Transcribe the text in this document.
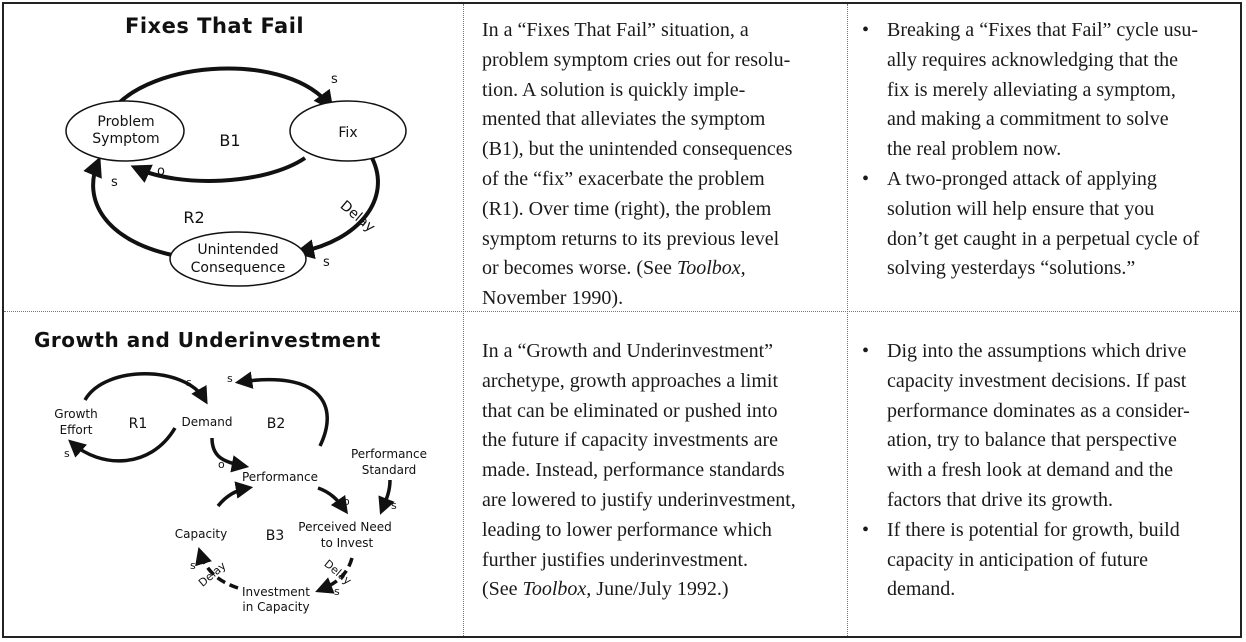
Fixes That Fail
Problem
Symptom	Fix
Unintended
Consequence
B1
R2	Delay
s
o
s
s
In a “Fixes That Fail” situation, a
problem symptom cries out for resolu-
tion. A solution is quickly imple-
mented that alleviates the symptom
(B1), but the unintended consequences
of the “fix” exacerbate the problem
(R1). Over time (right), the problem
symptom returns to its previous level
or becomes worse. (See Toolbox,
November 1990).
• Breaking a “Fixes that Fail” cycle usu-
ally requires acknowledging that the
fix is merely alleviating a symptom,
and making a commitment to solve
the real problem now.
• A two-pronged attack of applying
solution will help ensure that you
don’t get caught in a perpetual cycle of
solving yesterdays “solutions.”
Growth and Underinvestment
Growth
Effort
Demand
Performance
Performance
Standard
Capacity	Perceived Need
to Invest
Investment
in Capacity
R1	B2
B3
Delay	Delay
s	s
s
o
o	s
s
s
In a “Growth and Underinvestment”
archetype, growth approaches a limit
that can be eliminated or pushed into
the future if capacity investments are
made. Instead, performance standards
are lowered to justify underinvestment,
leading to lower performance which
further justifies underinvestment.
(See Toolbox, June/July 1992.)
• Dig into the assumptions which drive
capacity investment decisions. If past
performance dominates as a consider-
ation, try to balance that perspective
with a fresh look at demand and the
factors that drive its growth.
• If there is potential for growth, build
capacity in anticipation of future
demand.
